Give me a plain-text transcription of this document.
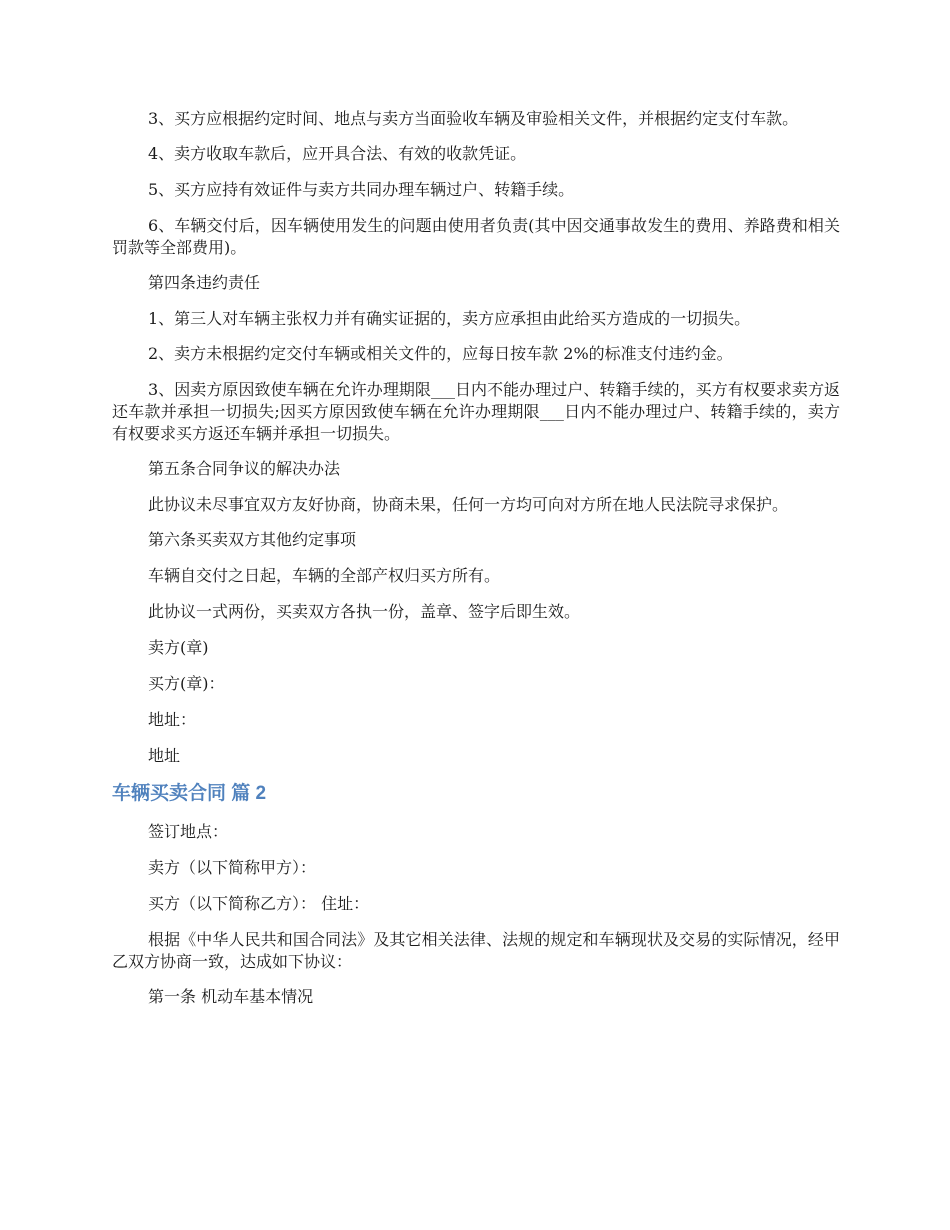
3、买方应根据约定时间、地点与卖方当面验收车辆及审验相关文件，并根据约定支付车款。

4、卖方收取车款后，应开具合法、有效的收款凭证。

5、买方应持有效证件与卖方共同办理车辆过户、转籍手续。

6、车辆交付后，因车辆使用发生的问题由使用者负责(其中因交通事故发生的费用、养路费和相关罚款等全部费用)。

第四条违约责任

1、第三人对车辆主张权力并有确实证据的，卖方应承担由此给买方造成的一切损失。

2、卖方未根据约定交付车辆或相关文件的，应每日按车款 2%的标准支付违约金。

3、因卖方原因致使车辆在允许办理期限___日内不能办理过户、转籍手续的，买方有权要求卖方返还车款并承担一切损失;因买方原因致使车辆在允许办理期限___日内不能办理过户、转籍手续的，卖方有权要求买方返还车辆并承担一切损失。

第五条合同争议的解决办法

此协议未尽事宜双方友好协商，协商未果，任何一方均可向对方所在地人民法院寻求保护。

第六条买卖双方其他约定事项

车辆自交付之日起，车辆的全部产权归买方所有。

此协议一式两份，买卖双方各执一份，盖章、签字后即生效。

卖方(章)

买方(章)：

地址：

地址

车辆买卖合同 篇 2

签订地点：

卖方（以下简称甲方）：

买方（以下简称乙方）： 住址：

根据《中华人民共和国合同法》及其它相关法律、法规的规定和车辆现状及交易的实际情况，经甲乙双方协商一致，达成如下协议：

第一条 机动车基本情况
